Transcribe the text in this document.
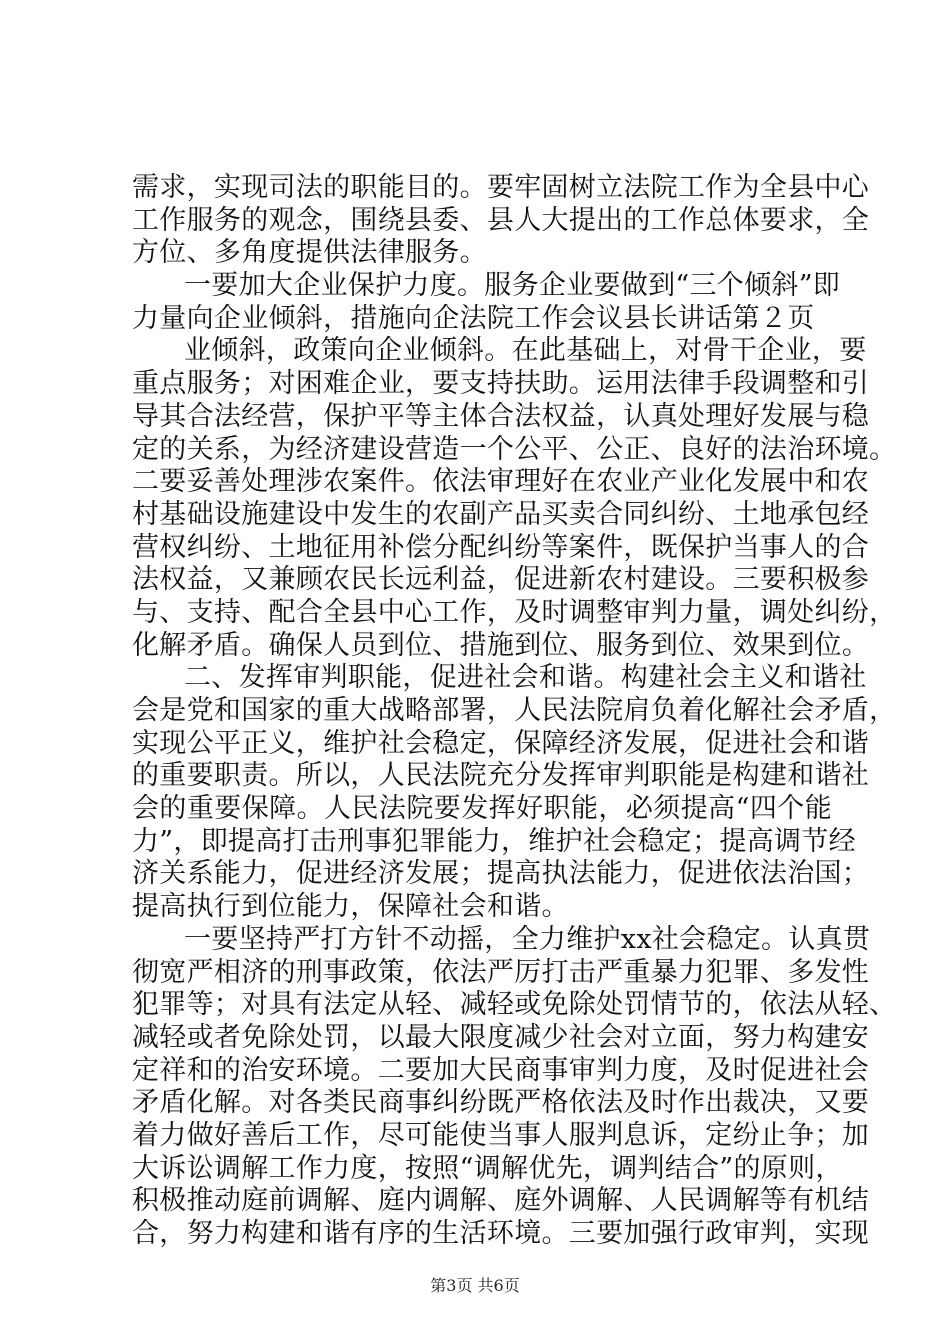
需求，实现司法的职能目的。要牢固树立法院工作为全县中心
工作服务的观念，围绕县委、县人大提出的工作总体要求，全
方位、多角度提供法律服务。
一要加大企业保护力度。服务企业要做到“三个倾斜”即
力量向企业倾斜，措施向企法院工作会议县长讲话第２页
业倾斜，政策向企业倾斜。在此基础上，对骨干企业，要
重点服务；对困难企业，要支持扶助。运用法律手段调整和引
导其合法经营，保护平等主体合法权益，认真处理好发展与稳
定的关系，为经济建设营造一个公平、公正、良好的法治环境。
二要妥善处理涉农案件。依法审理好在农业产业化发展中和农
村基础设施建设中发生的农副产品买卖合同纠纷、土地承包经
营权纠纷、土地征用补偿分配纠纷等案件，既保护当事人的合
法权益，又兼顾农民长远利益，促进新农村建设。三要积极参
与、支持、配合全县中心工作，及时调整审判力量，调处纠纷，
化解矛盾。确保人员到位、措施到位、服务到位、效果到位。
二、发挥审判职能，促进社会和谐。构建社会主义和谐社
会是党和国家的重大战略部署，人民法院肩负着化解社会矛盾，
实现公平正义，维护社会稳定，保障经济发展，促进社会和谐
的重要职责。所以，人民法院充分发挥审判职能是构建和谐社
会的重要保障。人民法院要发挥好职能，必须提高“四个能
力”，即提高打击刑事犯罪能力，维护社会稳定；提高调节经
济关系能力，促进经济发展；提高执法能力，促进依法治国；
提高执行到位能力，保障社会和谐。
一要坚持严打方针不动摇，全力维护xx社会稳定。认真贯
彻宽严相济的刑事政策，依法严厉打击严重暴力犯罪、多发性
犯罪等；对具有法定从轻、减轻或免除处罚情节的，依法从轻、
减轻或者免除处罚，以最大限度减少社会对立面，努力构建安
定祥和的治安环境。二要加大民商事审判力度，及时促进社会
矛盾化解。对各类民商事纠纷既严格依法及时作出裁决，又要
着力做好善后工作，尽可能使当事人服判息诉，定纷止争；加
大诉讼调解工作力度，按照“调解优先，调判结合”的原则，
积极推动庭前调解、庭内调解、庭外调解、人民调解等有机结
合，努力构建和谐有序的生活环境。三要加强行政审判，实现
第3页 共6页
